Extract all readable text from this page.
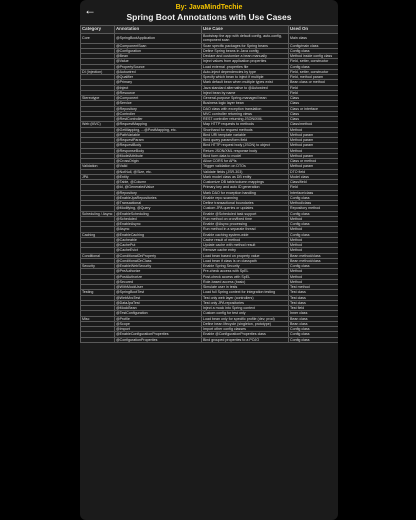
←	By: JavaMindTechie
Spring Boot Annotations with Use Cases
Category	Annotation	Use Case	Used On
Core	@SpringBootApplication	Bootstrap the app with default config, auto-config, component scan	Main class
	@ComponentScan	Scan specific packages for Spring beans	Config/main class
	@Configuration	Define Spring beans in Java config	Config class
	@Bean	Declare and customize a bean manually	Method inside config class
	@Value	Inject values from application properties	Field, setter, constructor
	@PropertySource	Load external .properties file	Config class
DI (Injection)	@Autowired	Auto-inject dependencies by type	Field, setter, constructor
	@Qualifier	Specify which bean to inject if multiple	Field, method param
	@Primary	Mark default bean when multiple types exist	Bean class or method
	@Inject	Java standard alternative to @Autowired	Field
	@Resource	Inject bean by name	Field
Stereotype	@Component	General-purpose Spring-managed bean	Class
	@Service	Business logic layer bean	Class
	@Repository	DAO class with exception translation	Class or interface
	@Controller	MVC controller returning views	Class
	@RestController	REST controller returning JSON/XML	Class
Web (MVC)	@RequestMapping	Map HTTP requests to methods	Class/method
	@GetMapping, ...@PostMapping, etc.	Shorthand for request methods	Method
	@PathVariable	Bind URI template variable	Method param
	@RequestParam	Bind query param/form field	Method param
	@RequestBody	Bind HTTP request body (JSON) to object	Method param
	@ResponseBody	Return JSON/XML response body	Method
	@ModelAttribute	Bind form data to model	Method param
	@CrossOrigin	Allow CORS for APIs	Class or method
Validation	@Valid	Trigger validation on DTOs	Method param
	@NotNull, @Size, etc.	Validate fields (JSR-303)	DTO field
JPA	@Entity	Mark model class as DB entity	Model class
	@Table, @Column	Customize DB table/column mappings	Class/field
	@Id, @GeneratedValue	Primary key and auto ID generation	Field
	@Repository	Mark DAO for exception handling	Interface/class
	@EnableJpaRepositories	Enable repo scanning	Config class
	@Transactional	Define transactional boundaries	Method/class
	@Modifying, @Query	Custom JPA queries or updates	Repository method
Scheduling / Async	@EnableScheduling	Enable @Scheduled task support	Config class
	@Scheduled	Run method on cron/fixed time	Method
	@EnableAsync	Enable @Async processing	Config class
	@Async	Run method in a separate thread	Method
Caching	@EnableCaching	Enable caching system-wide	Config class
	@Cacheable	Cache result of method	Method
	@CachePut	Update cache with method result	Method
	@CacheEvict	Remove cache entry	Method
Conditional	@ConditionalOnProperty	Load bean based on property value	Bean method/class
	@ConditionalOnClass	Load bean if class is on classpath	Bean method/class
Security	@EnableWebSecurity	Enable Spring Security	Config class
	@PreAuthorize	Pre-check access with SpEL	Method
	@PostAuthorize	Post-check access with SpEL	Method
	@Secured	Role-based access (basic)	Method
	@WithMockUser	Simulate user in tests	Test method
Testing	@SpringBootTest	Load full Spring context for integration testing	Test class
	@WebMvcTest	Test only web layer (controllers)	Test class
	@DataJpaTest	Test only JPA repositories	Test class
	@MockBean	Inject a mock into Spring context	Test field
	@TestConfiguration	Custom config for test only	Inner class
Misc	@Profile	Load bean only for specific profile (dev, prod)	Bean class
	@Scope	Define bean lifecycle (singleton, prototype)	Bean class
	@Import	Import other config classes	Config class
	@EnableConfigurationProperties	Enable @ConfigurationProperties class	Config class
	@ConfigurationProperties	Bind grouped properties to a POJO	Config class
